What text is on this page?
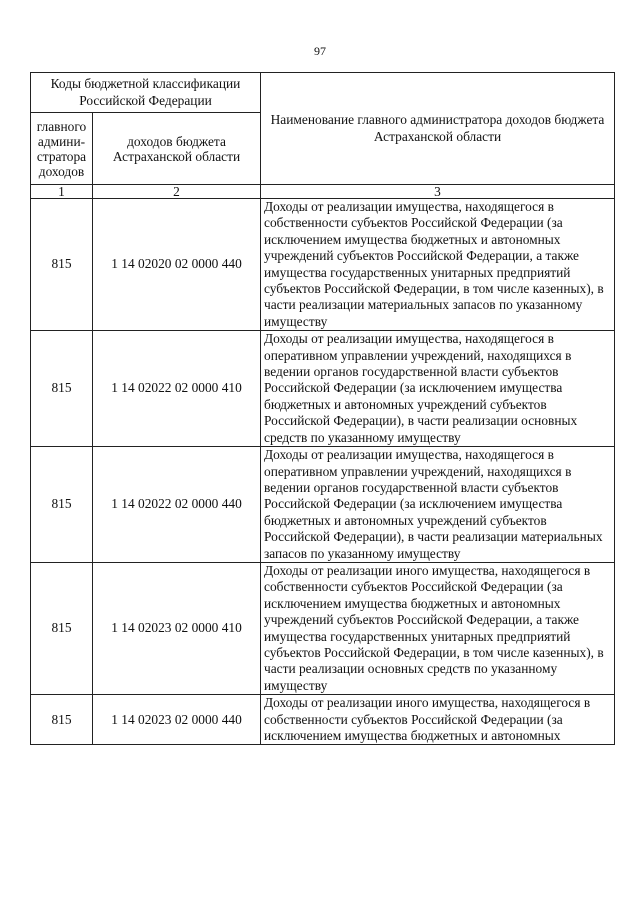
97
Коды бюджетной классификации Российской Федерации		Наименование главного администратора доходов бюджета Астраханской области
главного админи-стратора доходов	доходов бюджета Астраханской области	
1	2	3
815	1 14 02020 02 0000 440	Доходы от реализации имущества, находящегося в собственности субъектов Российской Федерации (за исключением имущества бюджетных и автономных учреждений субъектов Российской Федерации, а также имущества государственных унитарных предприятий субъектов Российской Федерации, в том числе казенных), в части реализации материальных запасов по указанному имуществу
815	1 14 02022 02 0000 410	Доходы от реализации имущества, находящегося в оперативном управлении учреждений, находящихся в ведении органов государственной власти субъектов Российской Федерации (за исключением имущества бюджетных и автономных учреждений субъектов Российской Федерации), в части реализации основных средств по указанному имуществу
815	1 14 02022 02 0000 440	Доходы от реализации имущества, находящегося в оперативном управлении учреждений, находящихся в ведении органов государственной власти субъектов Российской Федерации (за исключением имущества бюджетных и автономных учреждений субъектов Российской Федерации), в части реализации материальных запасов по указанному имуществу
815	1 14 02023 02 0000 410	Доходы от реализации иного имущества, находящегося в собственности субъектов Российской Федерации (за исключением имущества бюджетных и автономных учреждений субъектов Российской Федерации, а также имущества государственных унитарных предприятий субъектов Российской Федерации, в том числе казенных), в части реализации основных средств по указанному имуществу
815	1 14 02023 02 0000 440	Доходы от реализации иного имущества, находящегося в собственности субъектов Российской Федерации (за исключением имущества бюджетных и автономных
